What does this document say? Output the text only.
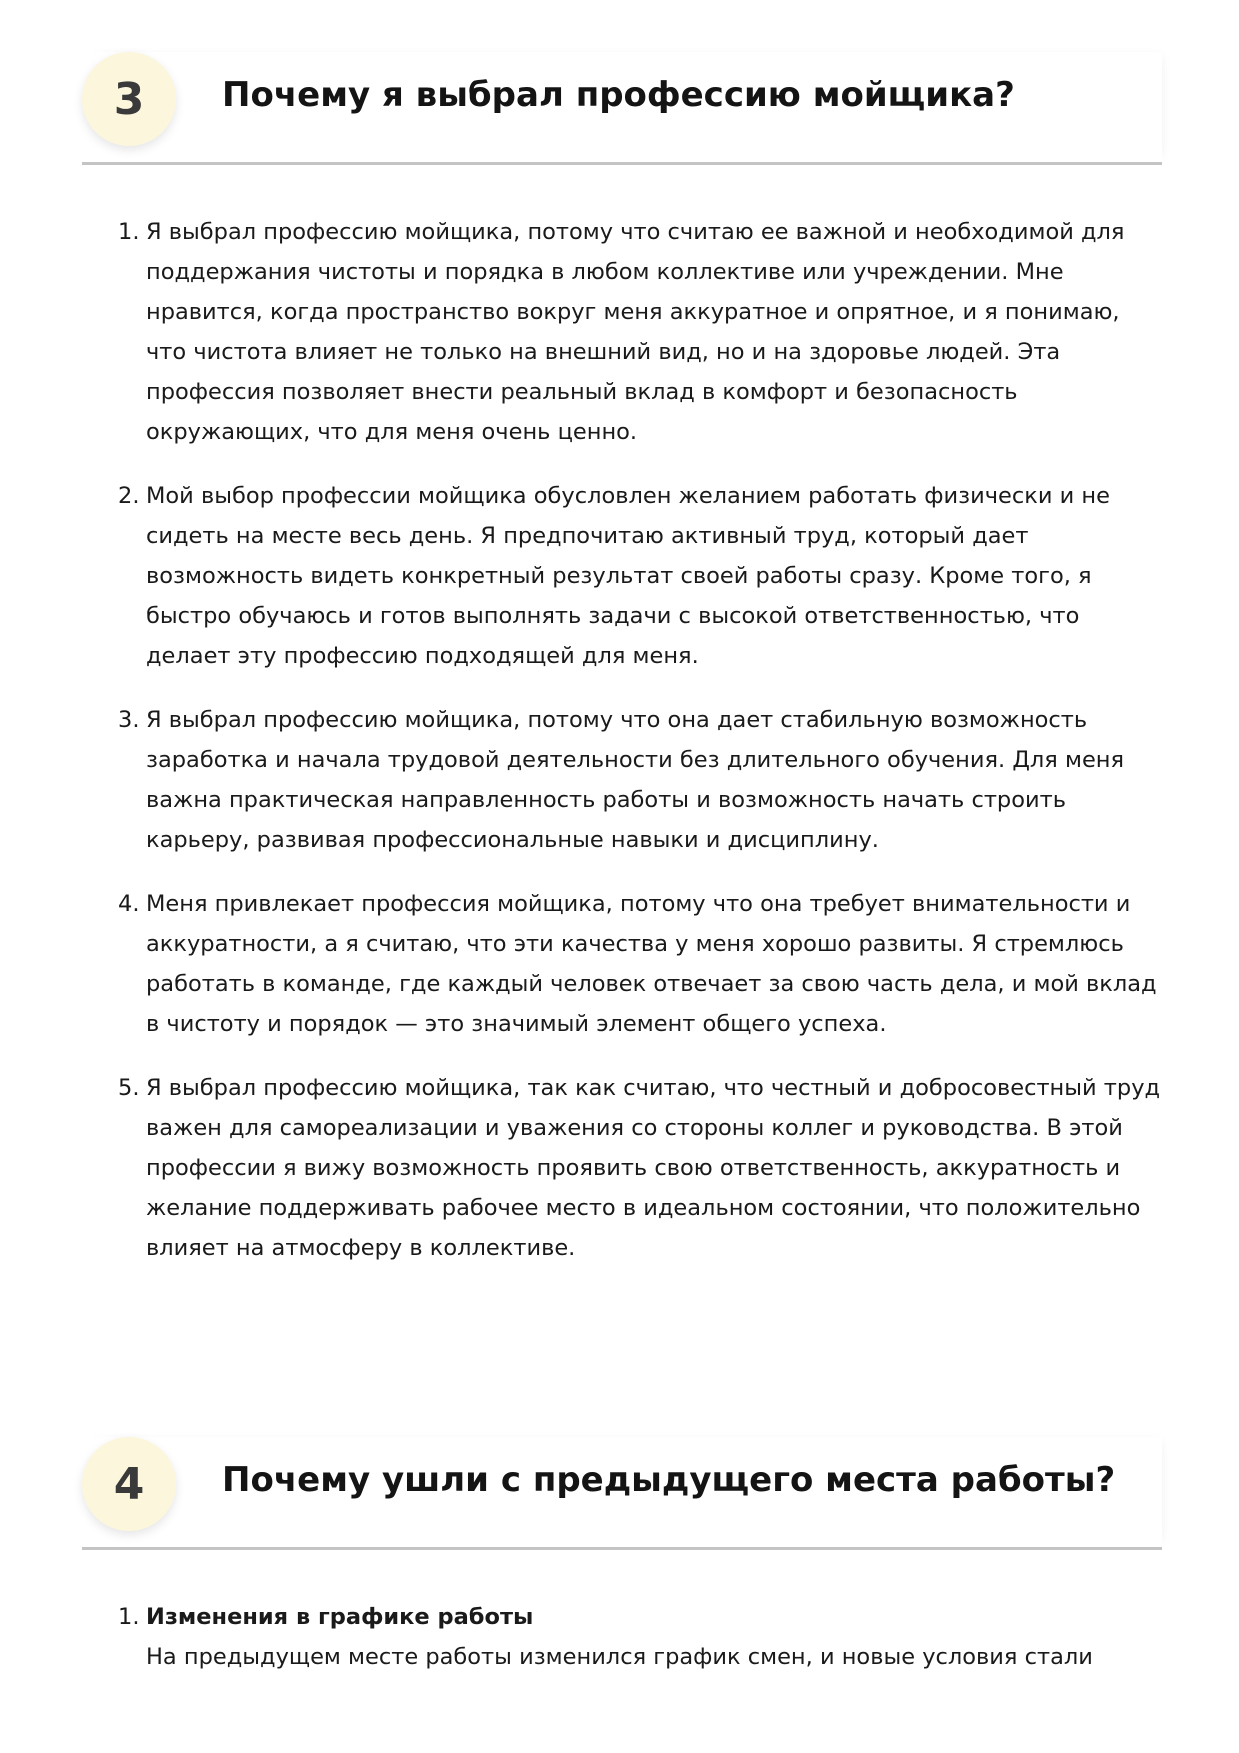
3	Почему я выбрал профессию мойщика?
1. Я выбрал профессию мойщика, потому что считаю ее важной и необходимой для поддержания чистоты и порядка в любом коллективе или учреждении. Мне нравится, когда пространство вокруг меня аккуратное и опрятное, и я понимаю, что чистота влияет не только на внешний вид, но и на здоровье людей. Эта профессия позволяет внести реальный вклад в комфорт и безопасность окружающих, что для меня очень ценно.
2. Мой выбор профессии мойщика обусловлен желанием работать физически и не сидеть на месте весь день. Я предпочитаю активный труд, который дает возможность видеть конкретный результат своей работы сразу. Кроме того, я быстро обучаюсь и готов выполнять задачи с высокой ответственностью, что делает эту профессию подходящей для меня.
3. Я выбрал профессию мойщика, потому что она дает стабильную возможность заработка и начала трудовой деятельности без длительного обучения. Для меня важна практическая направленность работы и возможность начать строить карьеру, развивая профессиональные навыки и дисциплину.
4. Меня привлекает профессия мойщика, потому что она требует внимательности и аккуратности, а я считаю, что эти качества у меня хорошо развиты. Я стремлюсь работать в команде, где каждый человек отвечает за свою часть дела, и мой вклад в чистоту и порядок — это значимый элемент общего успеха.
5. Я выбрал профессию мойщика, так как считаю, что честный и добросовестный труд важен для самореализации и уважения со стороны коллег и руководства. В этой профессии я вижу возможность проявить свою ответственность, аккуратность и желание поддерживать рабочее место в идеальном состоянии, что положительно влияет на атмосферу в коллективе.
4	Почему ушли с предыдущего места работы?
1. Изменения в графике работы
На предыдущем месте работы изменился график смен, и новые условия стали
